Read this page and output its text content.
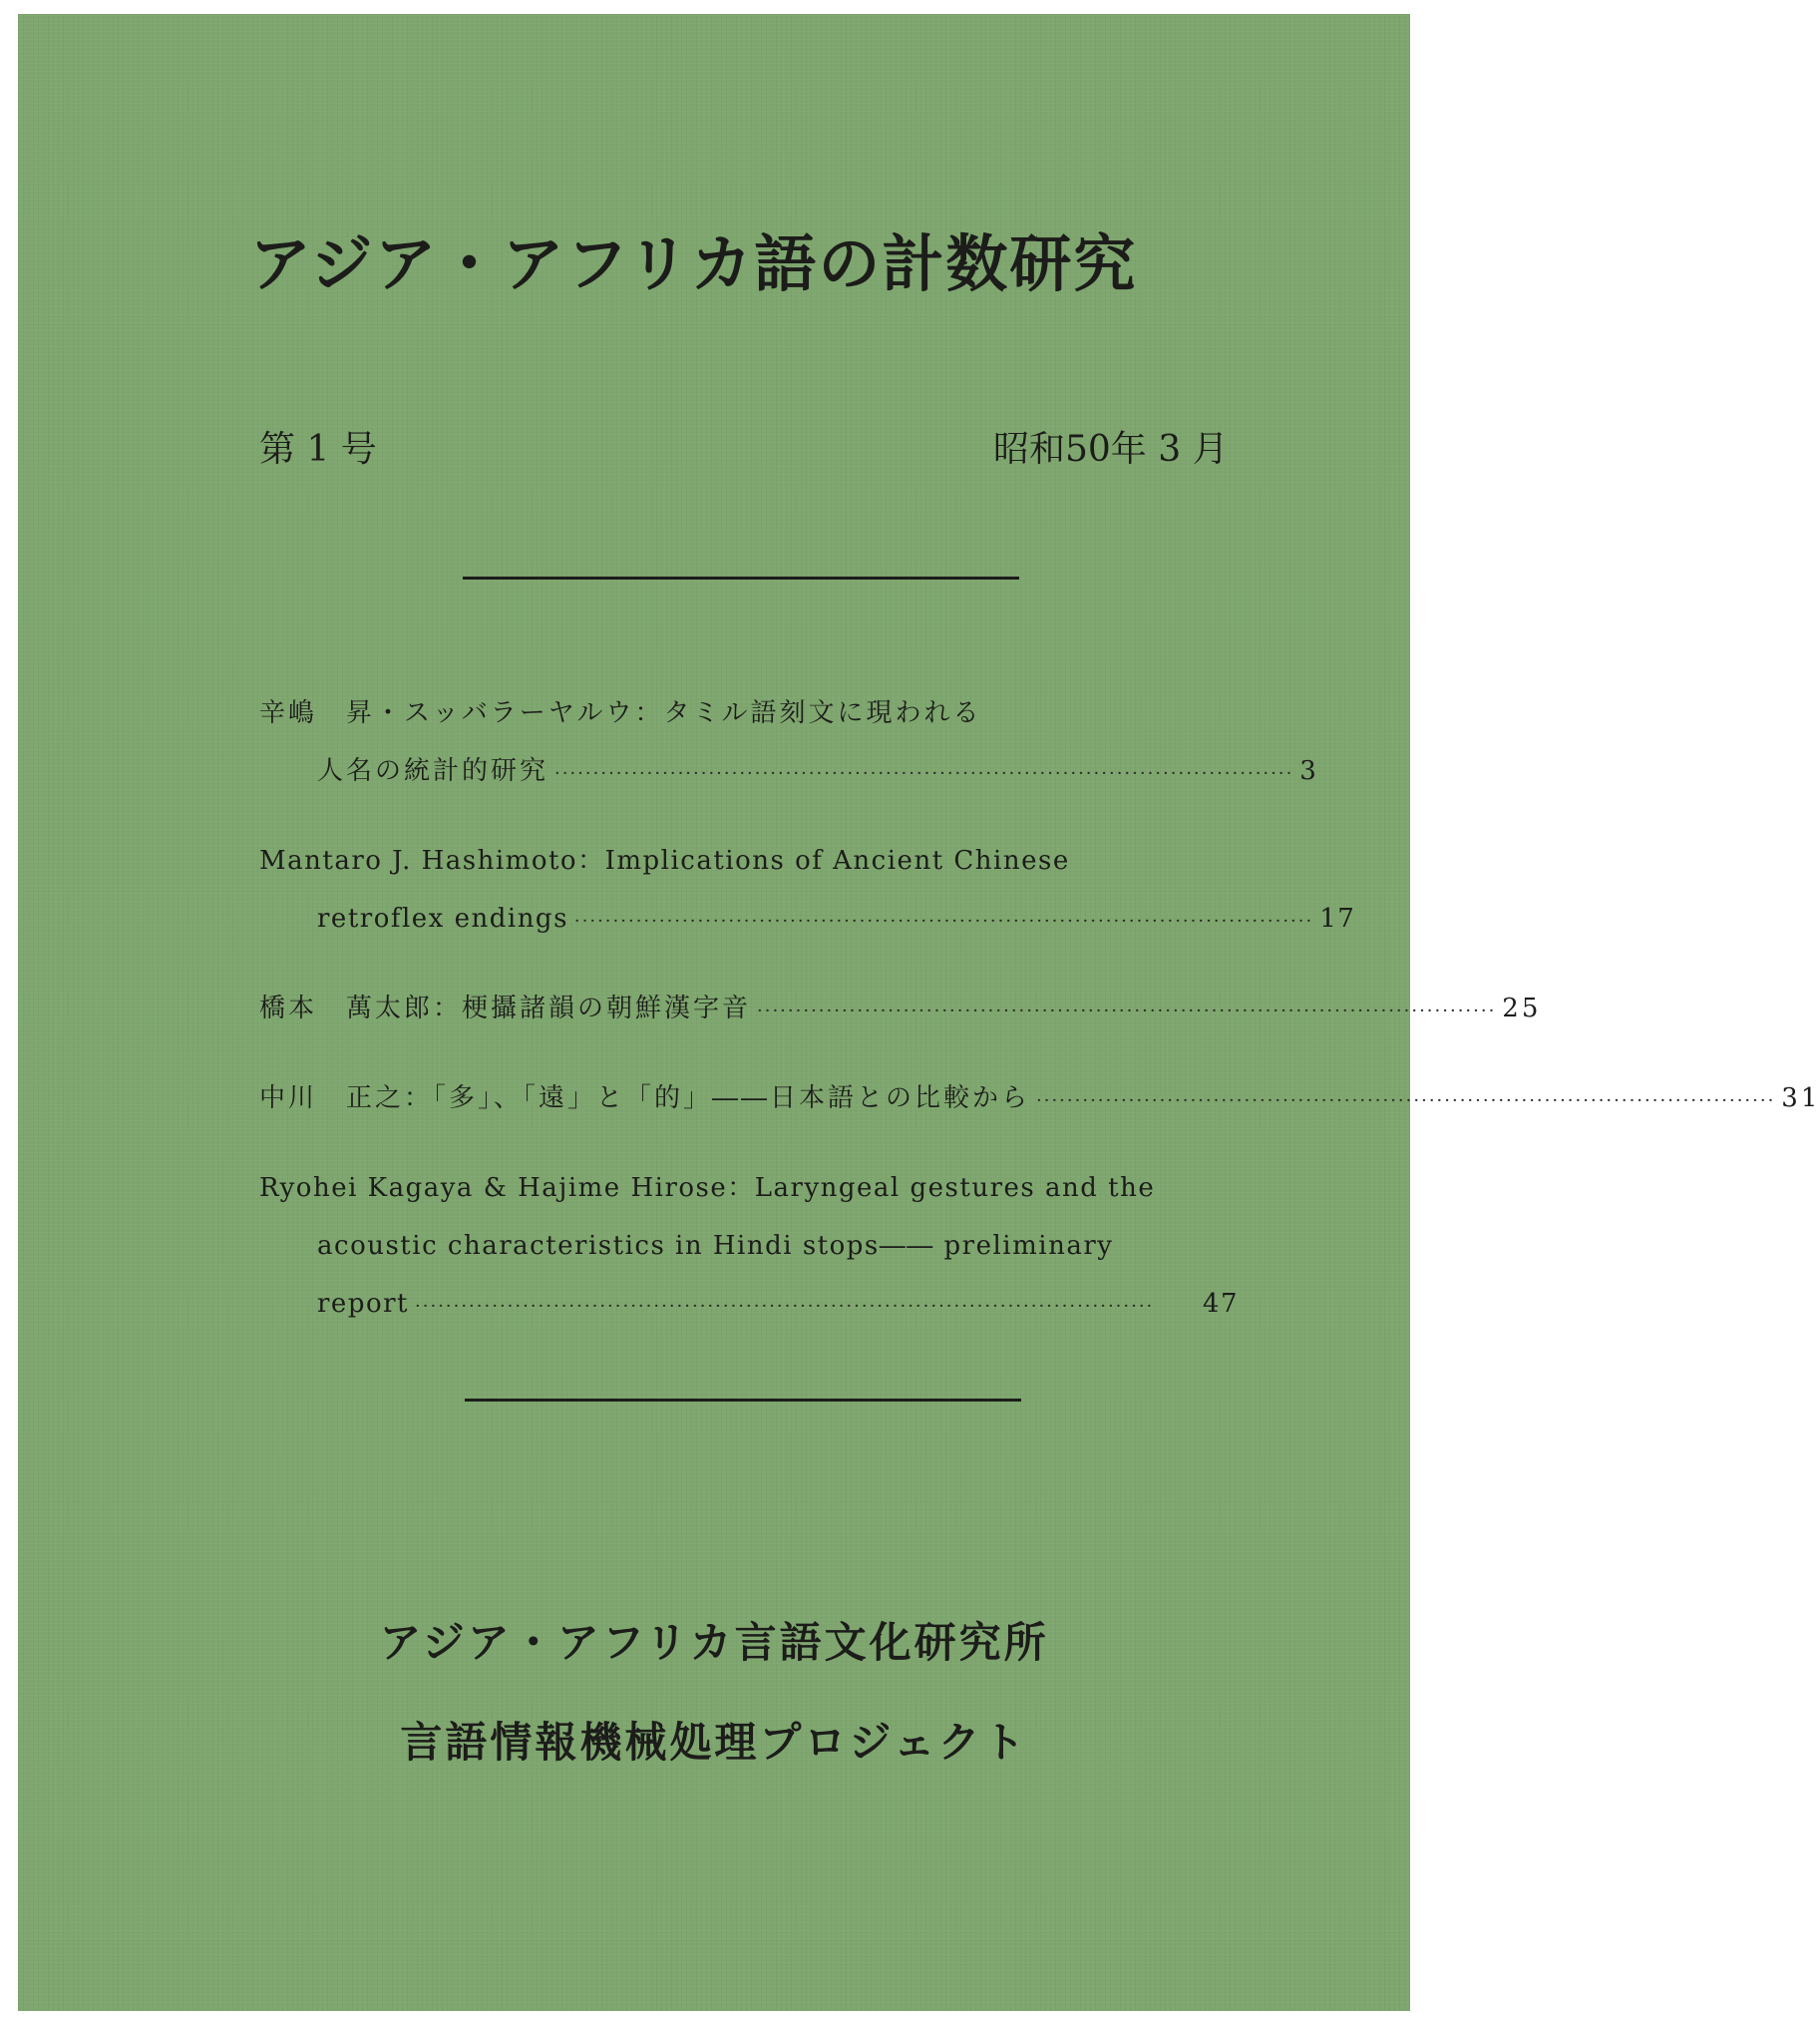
アジア・アフリカ語の計数研究
第 1 号	昭和50年 3 月
辛嶋　昇・スッバラーヤルウ：タミル語刻文に現われる
人名の統計的研究 ································································································ 3
Mantaro J. Hashimoto：Implications of Ancient Chinese
retroflex endings ································································································ 17
橋本　萬太郎：梗攝諸韻の朝鮮漢字音 ································································································ 25
中川　正之：「多」、「遠」と「的」――日本語との比較から ································································································ 31
Ryohei Kagaya & Hajime Hirose：Laryngeal gestures and the
acoustic characteristics in Hindi stops―― preliminary
report ································································································	47
アジア・アフリカ言語文化研究所
言語情報機械処理プロジェクト
